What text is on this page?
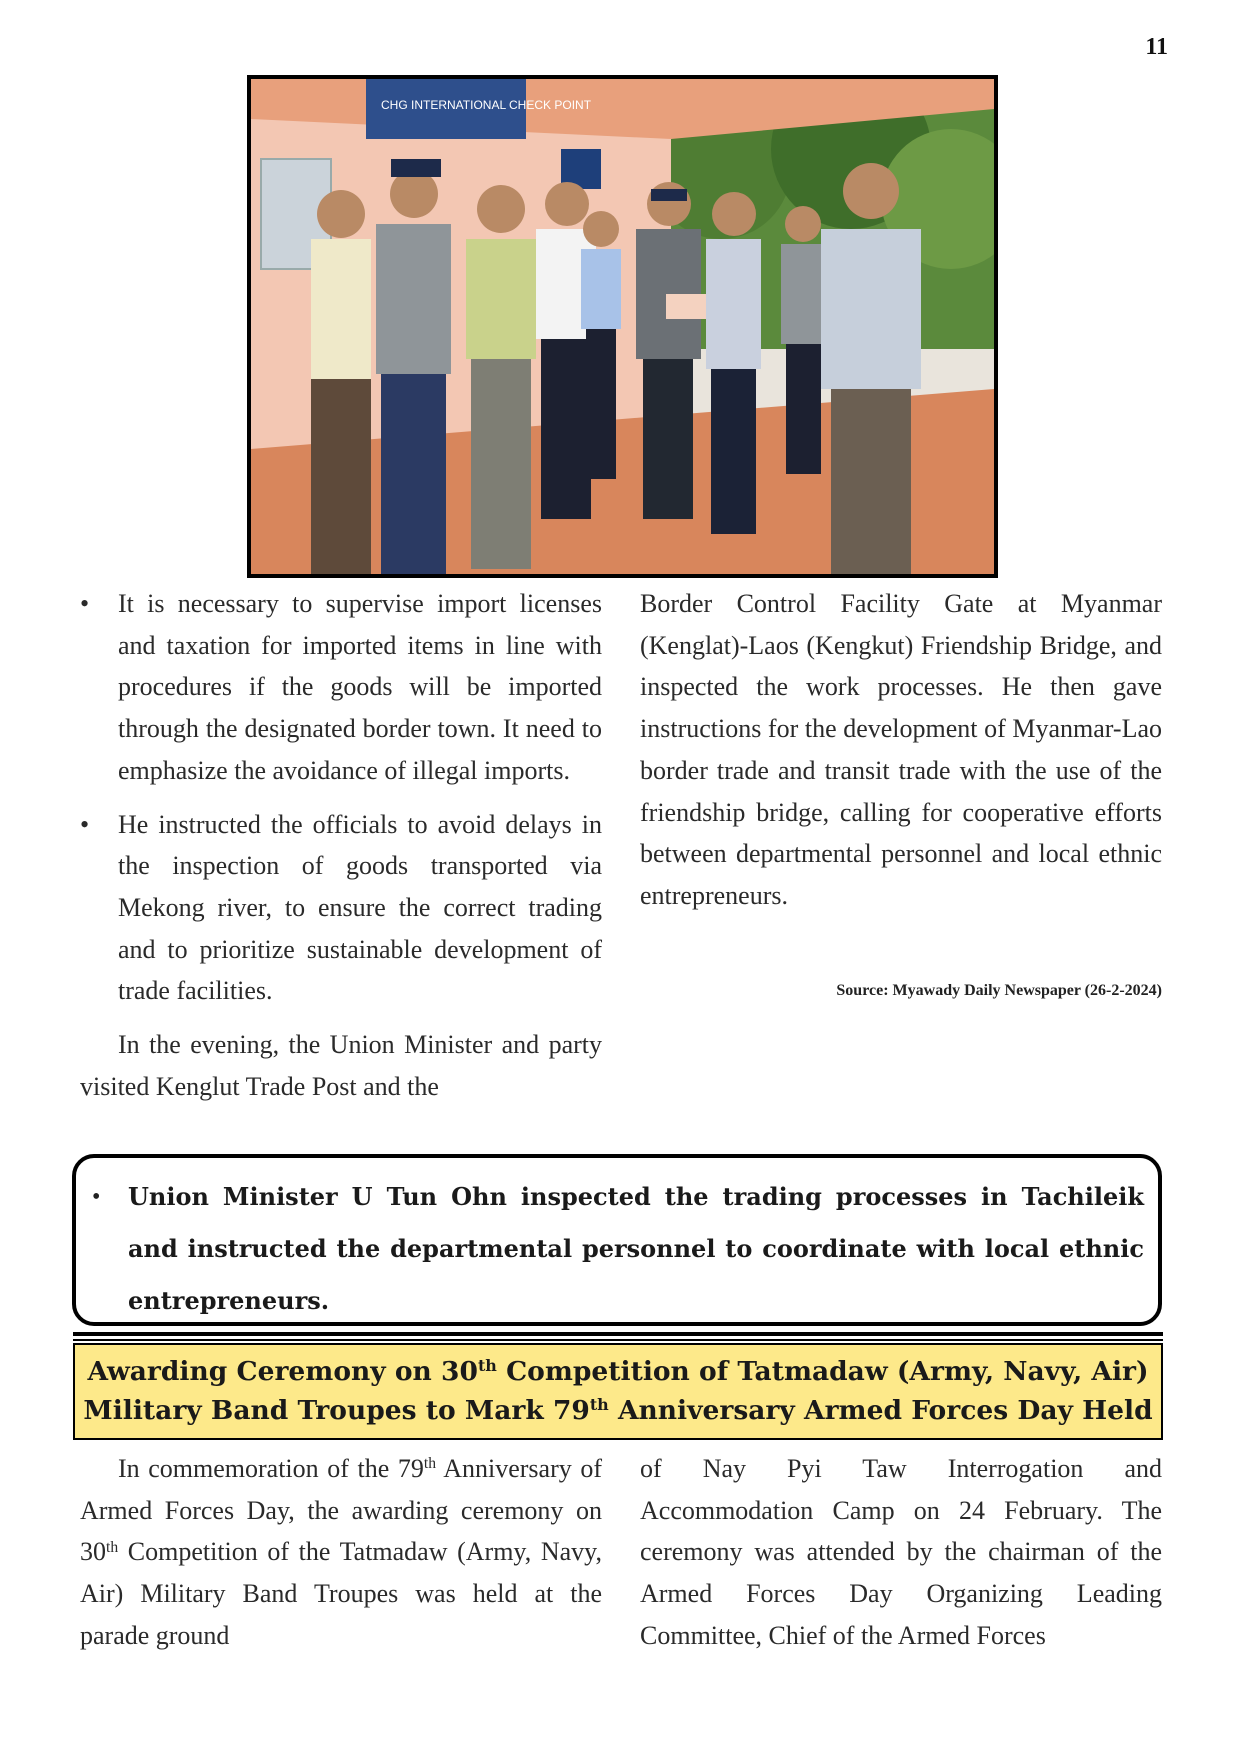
11
CHG INTERNATIONAL CHECK POINT

• It is necessary to supervise import licenses and taxation for imported items in line with procedures if the goods will be imported through the designated border town. It need to emphasize the avoidance of illegal imports.

• He instructed the officials to avoid delays in the inspection of goods transported via Mekong river, to ensure the correct trading and to prioritize sustainable development of trade facilities.

In the evening, the Union Minister and party visited Kenglut Trade Post and the

Border Control Facility Gate at Myanmar (Kenglat)-Laos (Kengkut) Friendship Bridge, and inspected the work processes. He then gave instructions for the development of Myanmar-Lao border trade and transit trade with the use of the friendship bridge, calling for cooperative efforts between departmental personnel and local ethnic entrepreneurs.

Source: Myawady Daily Newspaper (26-2-2024)

• Union Minister U Tun Ohn inspected the trading processes in Tachileik and instructed the departmental personnel to coordinate with local ethnic entrepreneurs.
Awarding Ceremony on 30th Competition of Tatmadaw (Army, Navy, Air)
Military Band Troupes to Mark 79th Anniversary Armed Forces Day Held

In commemoration of the 79th Anniversary of Armed Forces Day, the awarding ceremony on 30th Competition of the Tatmadaw (Army, Navy, Air) Military Band Troupes was held at the parade ground

of Nay Pyi Taw Interrogation and Accommodation Camp on 24 February. The ceremony was attended by the chairman of the Armed Forces Day Organizing Leading Committee, Chief of the Armed Forces
